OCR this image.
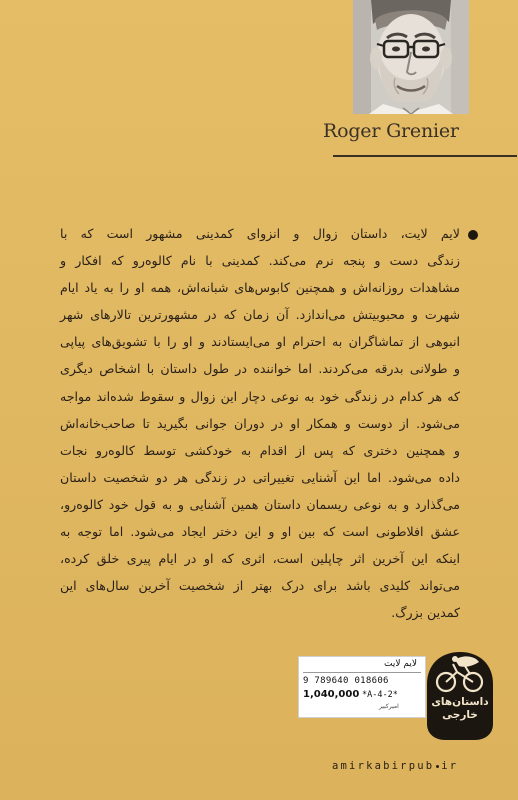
Roger Grenier
لایم لایت، داستان زوال و انزوای کمدینی مشهور است که با
زندگی دست و پنجه نرم می‌کند. کمدینی با نام کالوه‌رو که افکار و
مشاهدات روزانه‌اش و همچنین کابوس‌های شبانه‌اش، همه او را به یاد ایام
شهرت و محبوبیتش می‌اندازد. آن زمان که در مشهورترین تالارهای شهر
انبوهی از تماشاگران به احترام او می‌ایستادند و او را با تشویق‌های پیاپی
و طولانی بدرقه می‌کردند. اما خواننده در طول داستان با اشخاص دیگری
که هر کدام در زندگی خود به نوعی دچار این زوال و سقوط شده‌اند مواجه
می‌شود. از دوست و همکار او در دوران جوانی بگیرید تا صاحب‌خانه‌اش
و همچنین دختری که پس از اقدام به خودکشی توسط کالوه‌رو نجات
داده می‌شود. اما این آشنایی تغییراتی در زندگی هر دو شخصیت داستان
می‌گذارد و به نوعی ریسمان داستان همین آشنایی و به قول خود کالوه‌رو،
عشق افلاطونی است که بین او و این دختر ایجاد می‌شود. اما توجه به
اینکه این آخرین اثر چاپلین است، اثری که او در ایام پیری خلق کرده،
می‌تواند کلیدی باشد برای درک بهتر از شخصیت آخرین سال‌های این
کمدین بزرگ.
لایم لایت
9 789640 018606
1,040,000 *A-4-2*
امیرکبیر	داستان‌های
خارجی
amirkabirpub ir
